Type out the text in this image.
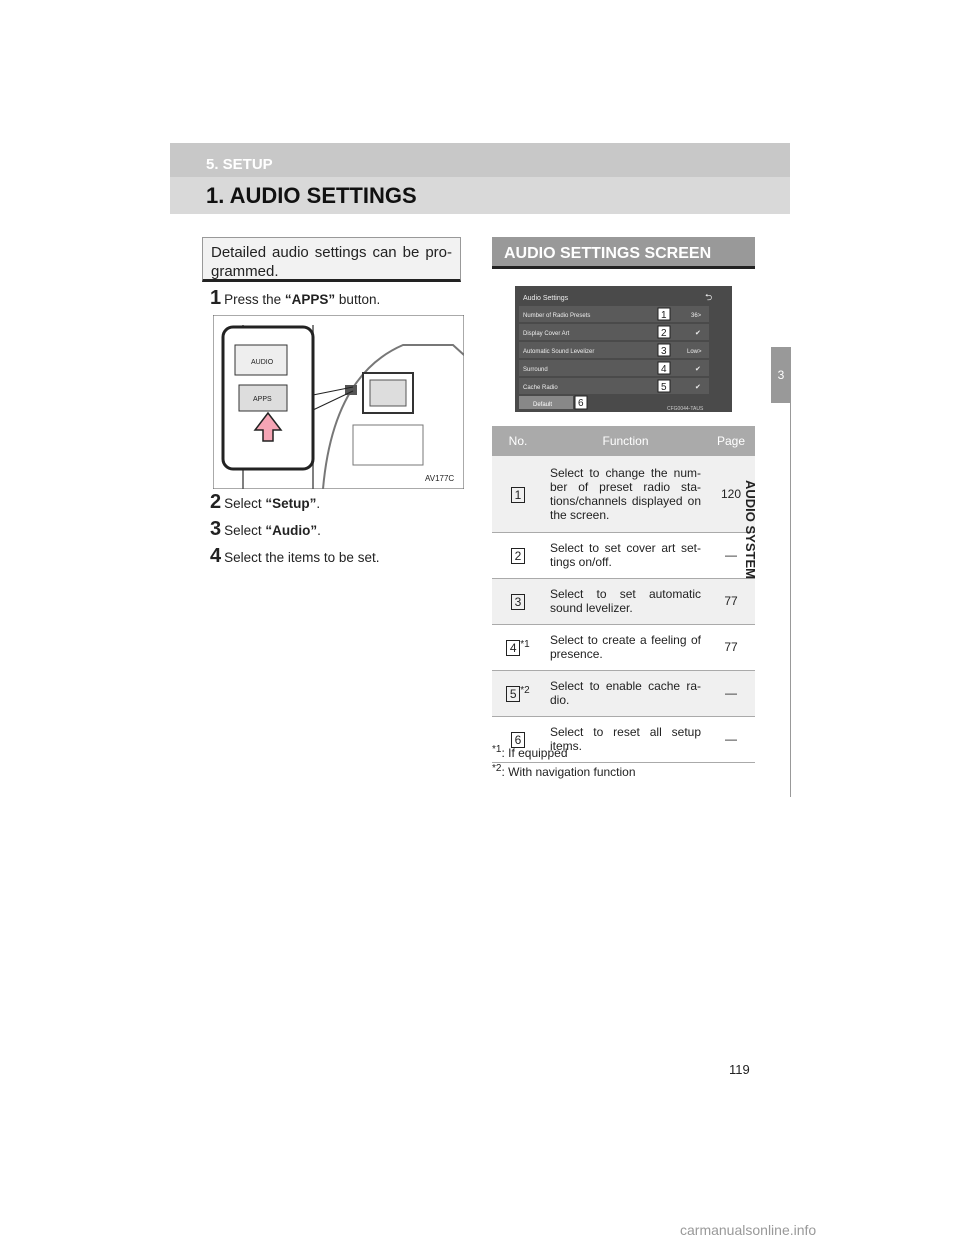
5. SETUP
1. AUDIO SETTINGS
Detailed audio settings can be pro-grammed.
1 Press the “APPS” button.
AUDIO
APPS
AV177C
2 Select “Setup”.
3 Select “Audio”.
4 Select the items to be set.
AUDIO SETTINGS SCREEN
Audio Settings	⮌
Number of Radio Presets	36>
1
Display Cover Art	✔
2
Automatic Sound Levelizer	Low>
3
Surround	✔
4
Cache Radio	✔
5
Default	6	CFG0044-TAUS
No.	Function	Page
1	Select to change the num-ber of preset radio sta-tions/channels displayed on the screen.	120
2	Select to set cover art set-tings on/off.	—
3	Select to set automatic sound levelizer.	77
4 $^{*1}$	Select to create a feeling of presence.	77
5 $^{*2}$	Select to enable cache ra-dio.	—
6	Select to reset all setup items.	—
$^{*1}$: If equipped
$^{*2}$: With navigation function
3
AUDIO SYSTEM
119
carmanualsonline.info
